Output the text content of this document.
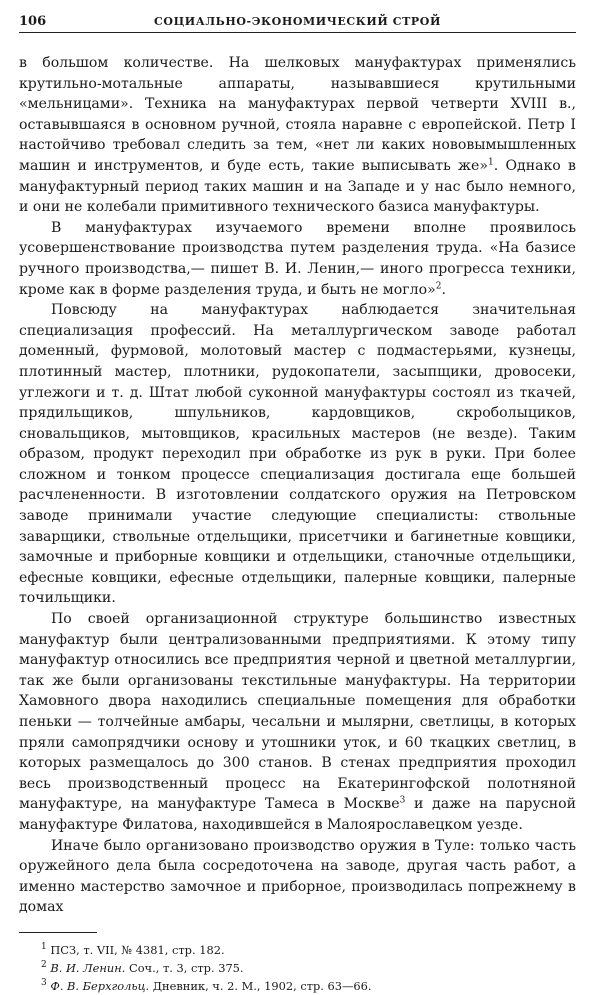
106	СОЦИАЛЬНО-ЭКОНОМИЧЕСКИЙ СТРОЙ

в большом количестве. На шелковых мануфактурах применялись крутильно-мотальные аппараты, называвшиеся крутильными «мельницами». Техника на мануфактурах первой четверти XVIII в., оставывшаяся в основном ручной, стояла наравне с европейской. Петр I настойчиво требовал следить за тем, «нет ли каких нововымышленных машин и инструментов, и буде есть, такие выписывать же»$^1$. Однако в мануфактурный период таких машин и на Западе и у нас было немного, и они не колебали примитивного технического базиса мануфактуры.

В мануфактурах изучаемого времени вполне проявилось усовершенствование производства путем разделения труда. «На базисе ручного производства,— пишет В. И. Ленин,— иного прогресса техники, кроме как в форме разделения труда, и быть не могло»$^2$.

Повсюду на мануфактурах наблюдается значительная специализация профессий. На металлургическом заводе работал доменный, фурмовой, молотовый мастер с подмастерьями, кузнецы, плотинный мастер, плотники, рудокопатели, засыпщики, дровосеки, углежоги и т. д. Штат любой суконной мануфактуры состоял из ткачей, прядильщиков, шпульников, кардовщиков, скроболыциков, сновальщиков, мытовщиков, красильных мастеров (не везде). Таким образом, продукт переходил при обработке из рук в руки. При более сложном и тонком процессе специализация достигала еще большей расчлененности. В изготовлении солдатского оружия на Петровском заводе принимали участие следующие специалисты: ствольные заварщики, ствольные отдельщики, присетчики и багинетные ковщики, замочные и приборные ковщики и отдельщики, станочные отдельщики, ефесные ковщики, ефесные отдельщики, палерные ковщики, палерные точильщики.

По своей организационной структуре большинство известных мануфактур были централизованными предприятиями. К этому типу мануфактур относились все предприятия черной и цветной металлургии, так же были организованы текстильные мануфактуры. На территории Хамовного двора находились специальные помещения для обработки пеньки — толчейные амбары, чесальни и мылярни, светлицы, в которых пряли самопрядчики основу и утошники уток, и 60 ткацких светлиц, в которых размещалось до 300 станов. В стенах предприятия проходил весь производственный процесс на Екатерингофской полотняной мануфактуре, на мануфактуре Тамеса в Москве$^3$ и даже на парусной мануфактуре Филатова, находившейся в Малоярославецком уезде.

Иначе было организовано производство оружия в Туле: только часть оружейного дела была сосредоточена на заводе, другая часть работ, а именно мастерство замочное и приборное, производилась попрежнему в домах

$^1$ ПСЗ, т. VII, № 4381, стр. 182.

$^2$ В. И. Ленин. Соч., т. 3, стр. 375.

$^3$ Ф. В. Берхгольц. Дневник, ч. 2. М., 1902, стр. 63—66.
